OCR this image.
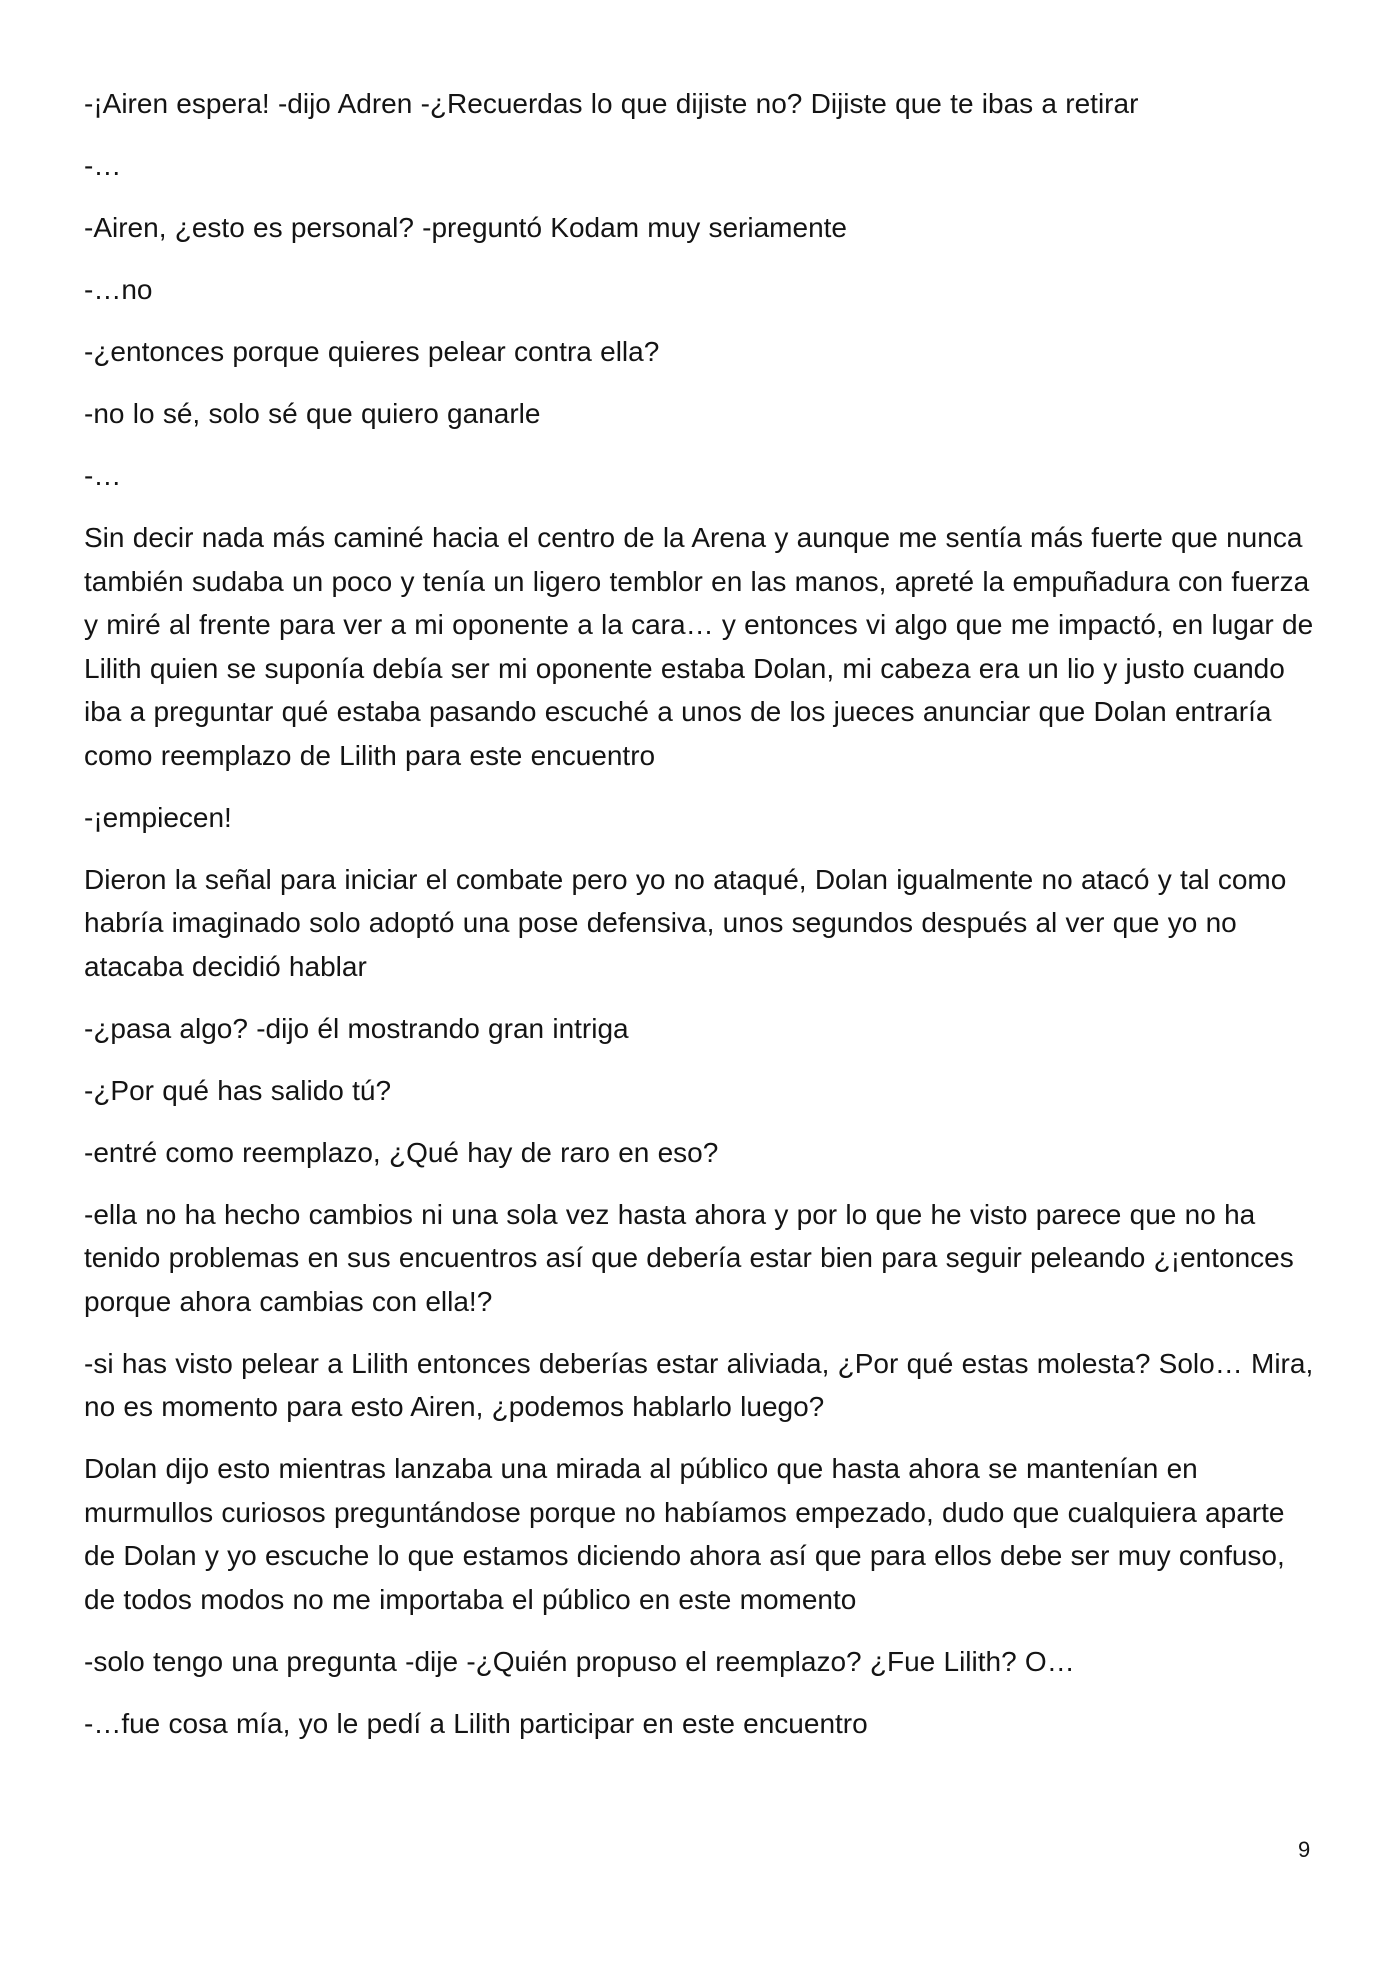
-¡Airen espera! -dijo Adren -¿Recuerdas lo que dijiste no? Dijiste que te ibas a retirar

-…

-Airen, ¿esto es personal? -preguntó Kodam muy seriamente

-…no

-¿entonces porque quieres pelear contra ella?

-no lo sé, solo sé que quiero ganarle

-…

Sin decir nada más caminé hacia el centro de la Arena y aunque me sentía más fuerte que nunca también sudaba un poco y tenía un ligero temblor en las manos, apreté la empuñadura con fuerza y miré al frente para ver a mi oponente a la cara… y entonces vi algo que me impactó, en lugar de Lilith quien se suponía debía ser mi oponente estaba Dolan, mi cabeza era un lio y justo cuando iba a preguntar qué estaba pasando escuché a unos de los jueces anunciar que Dolan entraría como reemplazo de Lilith para este encuentro

-¡empiecen!

Dieron la señal para iniciar el combate pero yo no ataqué, Dolan igualmente no atacó y tal como habría imaginado solo adoptó una pose defensiva, unos segundos después al ver que yo no atacaba decidió hablar

-¿pasa algo? -dijo él mostrando gran intriga

-¿Por qué has salido tú?

-entré como reemplazo, ¿Qué hay de raro en eso?

-ella no ha hecho cambios ni una sola vez hasta ahora y por lo que he visto parece que no ha tenido problemas en sus encuentros así que debería estar bien para seguir peleando ¿¡entonces porque ahora cambias con ella!?

-si has visto pelear a Lilith entonces deberías estar aliviada, ¿Por qué estas molesta? Solo… Mira, no es momento para esto Airen, ¿podemos hablarlo luego?

Dolan dijo esto mientras lanzaba una mirada al público que hasta ahora se mantenían en murmullos curiosos preguntándose porque no habíamos empezado, dudo que cualquiera aparte de Dolan y yo escuche lo que estamos diciendo ahora así que para ellos debe ser muy confuso, de todos modos no me importaba el público en este momento

-solo tengo una pregunta -dije -¿Quién propuso el reemplazo? ¿Fue Lilith? O…

-…fue cosa mía, yo le pedí a Lilith participar en este encuentro

9
